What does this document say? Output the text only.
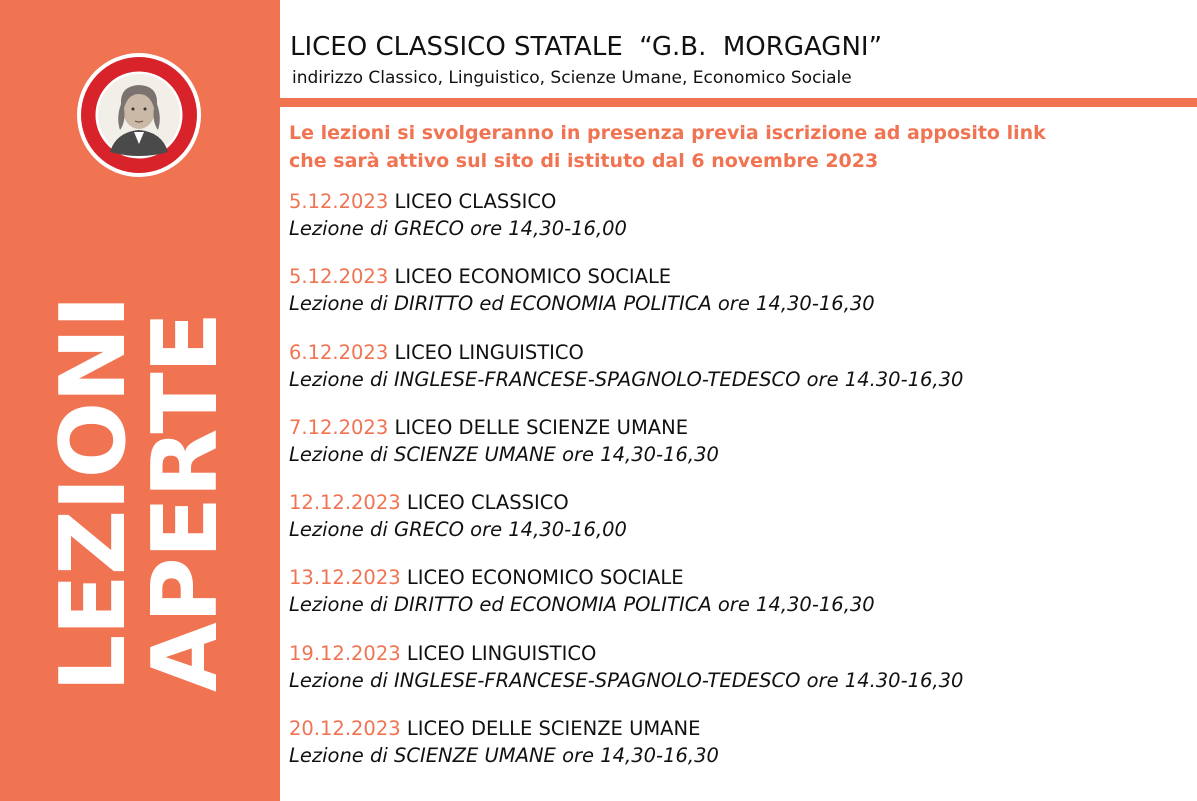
LEZIONI
APERTE
LICEO CLASSICO STATALE  “G.B.  MORGAGNI”
indirizzo Classico, Linguistico, Scienze Umane, Economico Sociale
Le lezioni si svolgeranno in presenza previa iscrizione ad apposito link
che sarà attivo sul sito di istituto dal 6 novembre 2023
5.12.2023 LICEO CLASSICO
Lezione di GRECO ore 14,30-16,00
5.12.2023 LICEO ECONOMICO SOCIALE
Lezione di DIRITTO ed ECONOMIA POLITICA ore 14,30-16,30
6.12.2023 LICEO LINGUISTICO
Lezione di INGLESE-FRANCESE-SPAGNOLO-TEDESCO ore 14.30-16,30
7.12.2023 LICEO DELLE SCIENZE UMANE
Lezione di SCIENZE UMANE ore 14,30-16,30
12.12.2023 LICEO CLASSICO
Lezione di GRECO ore 14,30-16,00
13.12.2023 LICEO ECONOMICO SOCIALE
Lezione di DIRITTO ed ECONOMIA POLITICA ore 14,30-16,30
19.12.2023 LICEO LINGUISTICO
Lezione di INGLESE-FRANCESE-SPAGNOLO-TEDESCO ore 14.30-16,30
20.12.2023 LICEO DELLE SCIENZE UMANE
Lezione di SCIENZE UMANE ore 14,30-16,30
